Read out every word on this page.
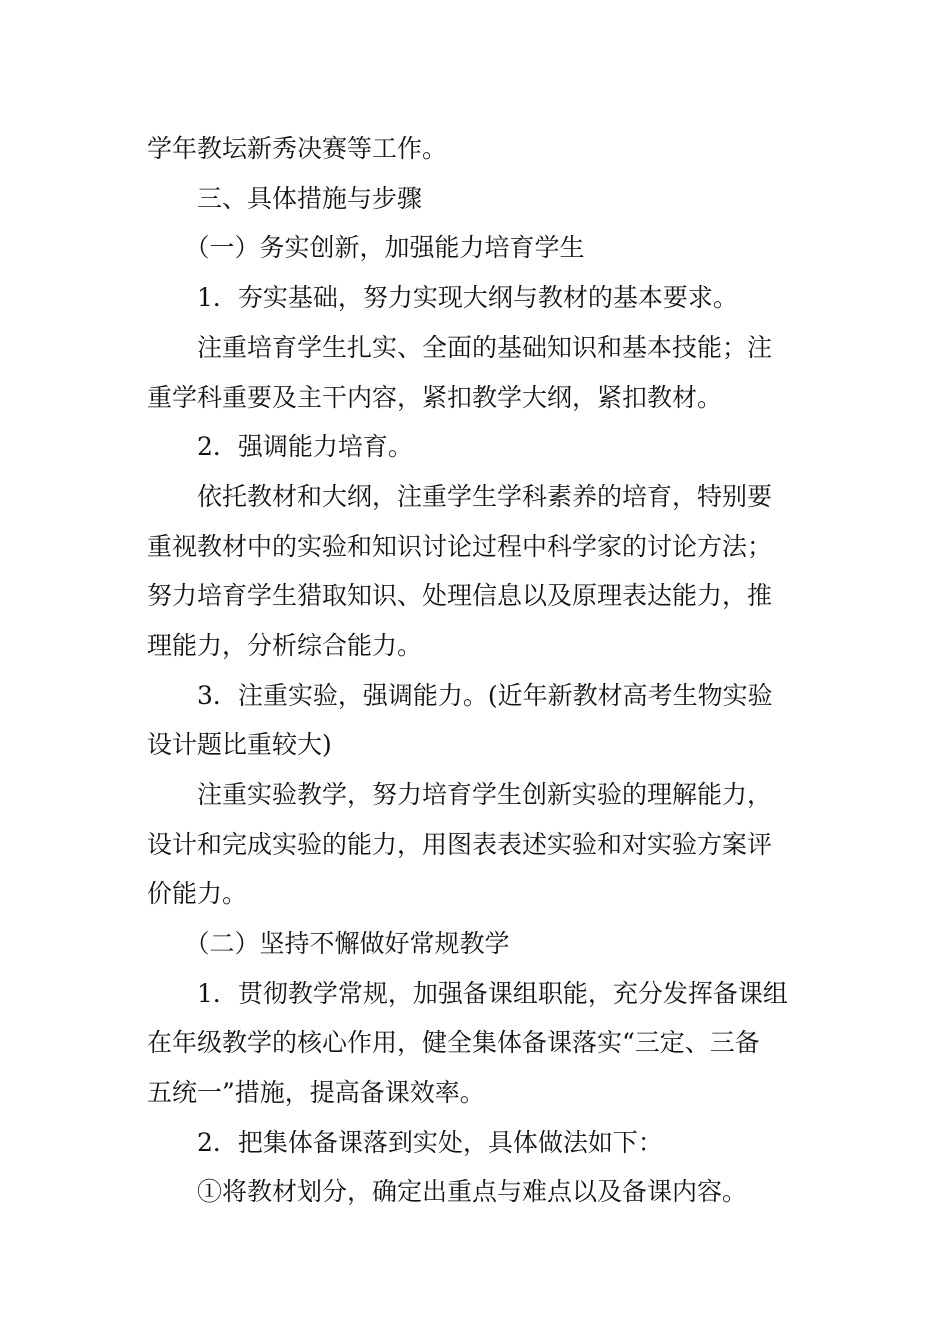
学年教坛新秀决赛等工作。
　　三、具体措施与步骤
　　（一）务实创新，加强能力培育学生
　　1．夯实基础，努力实现大纲与教材的基本要求。
　　注重培育学生扎实、全面的基础知识和基本技能；注
重学科重要及主干内容，紧扣教学大纲，紧扣教材。
　　2．强调能力培育。
　　依托教材和大纲，注重学生学科素养的培育，特别要
重视教材中的实验和知识讨论过程中科学家的讨论方法；
努力培育学生猎取知识、处理信息以及原理表达能力，推
理能力，分析综合能力。
　　3．注重实验，强调能力。(近年新教材高考生物实验
设计题比重较大)
　　注重实验教学，努力培育学生创新实验的理解能力，
设计和完成实验的能力，用图表表述实验和对实验方案评
价能力。
　　（二）坚持不懈做好常规教学
　　1．贯彻教学常规，加强备课组职能，充分发挥备课组
在年级教学的核心作用，健全集体备课落实“三定、三备
五统一”措施，提高备课效率。
　　2．把集体备课落到实处，具体做法如下：
　　①将教材划分，确定出重点与难点以及备课内容。
